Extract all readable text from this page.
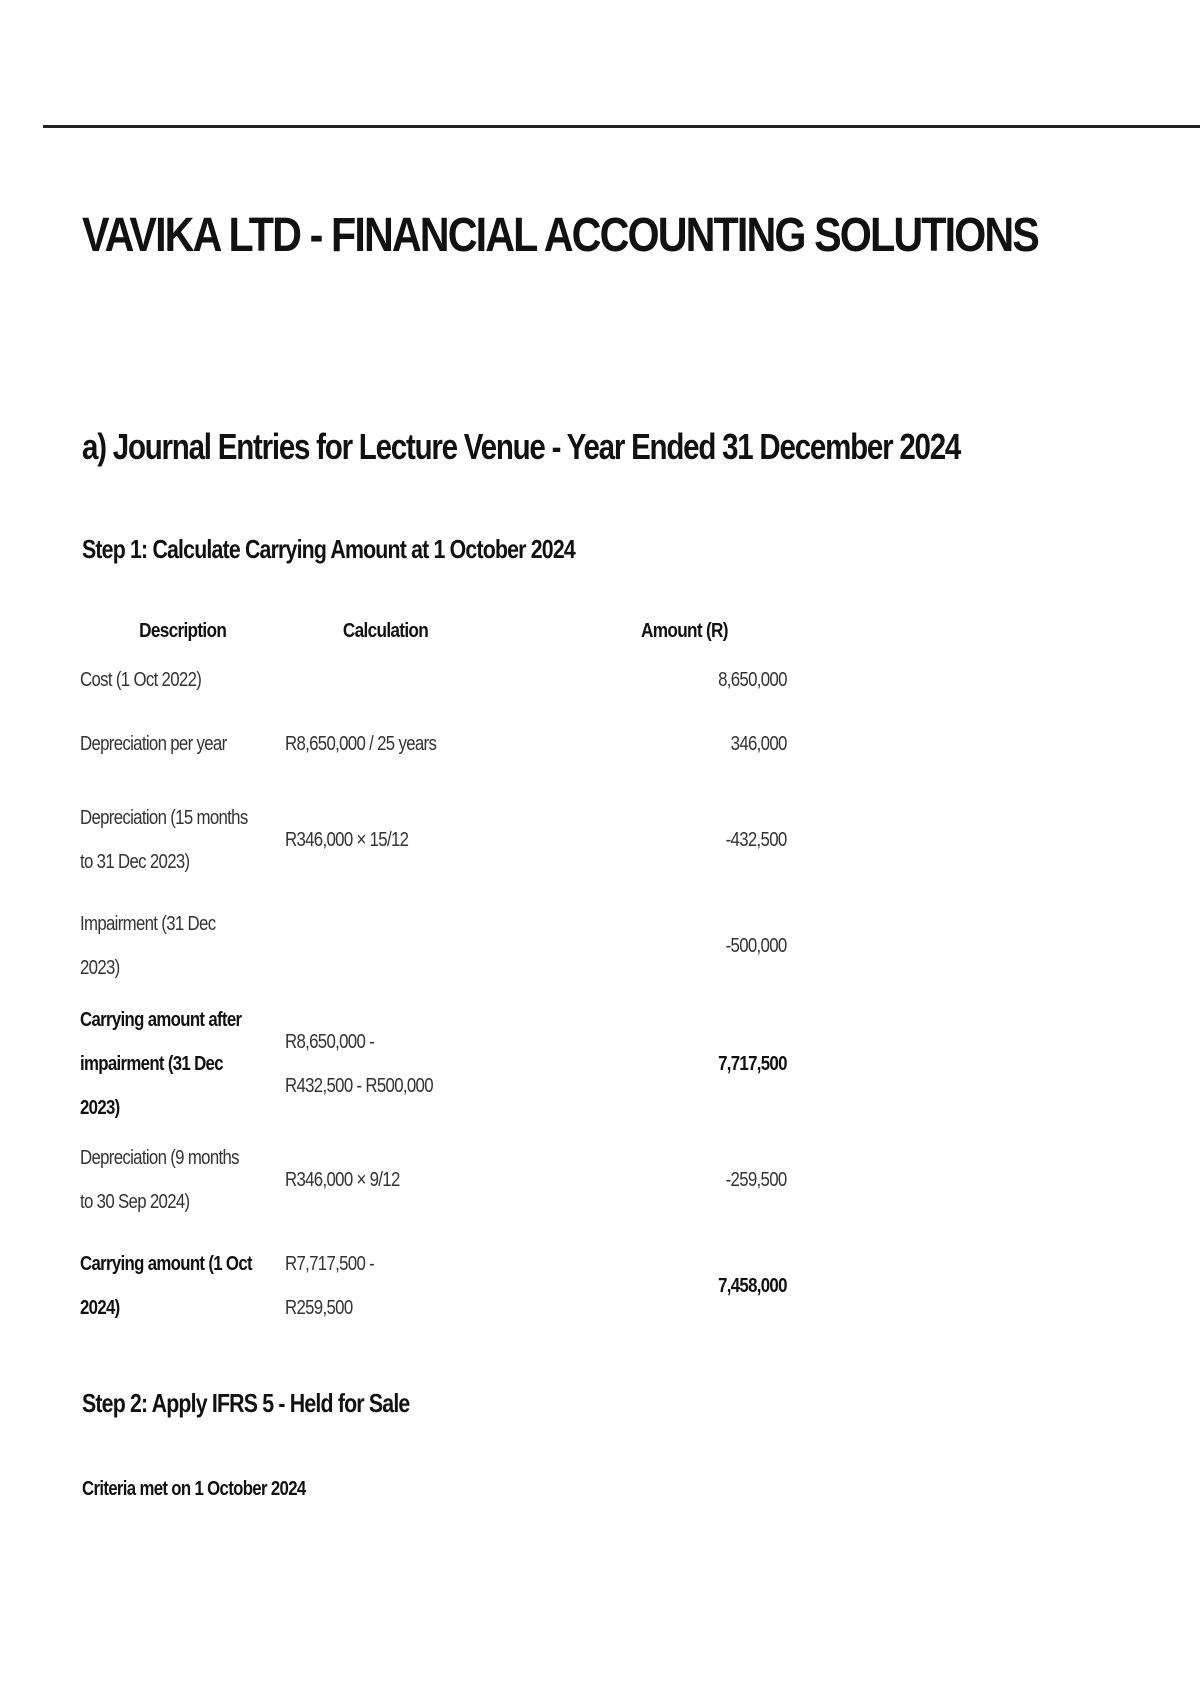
VAVIKA LTD - FINANCIAL ACCOUNTING SOLUTIONS
a) Journal Entries for Lecture Venue - Year Ended 31 December 2024
Step 1: Calculate Carrying Amount at 1 October 2024
Description	Calculation	Amount (R)

Cost (1 Oct 2022)		8,650,000

Depreciation per year	R8,650,000 / 25 years	346,000

Depreciation (15 months to 31 Dec 2023)	R346,000 × 15/12	-432,500

Impairment (31 Dec 2023)		-500,000

Carrying amount after impairment (31 Dec 2023)	R8,650,000 - R432,500 - R500,000	7,717,500

Depreciation (9 months to 30 Sep 2024)	R346,000 × 9/12	-259,500

Carrying amount (1 Oct 2024)	R7,717,500 - R259,500	7,458,000
Step 2: Apply IFRS 5 - Held for Sale
Criteria met on 1 October 2024
